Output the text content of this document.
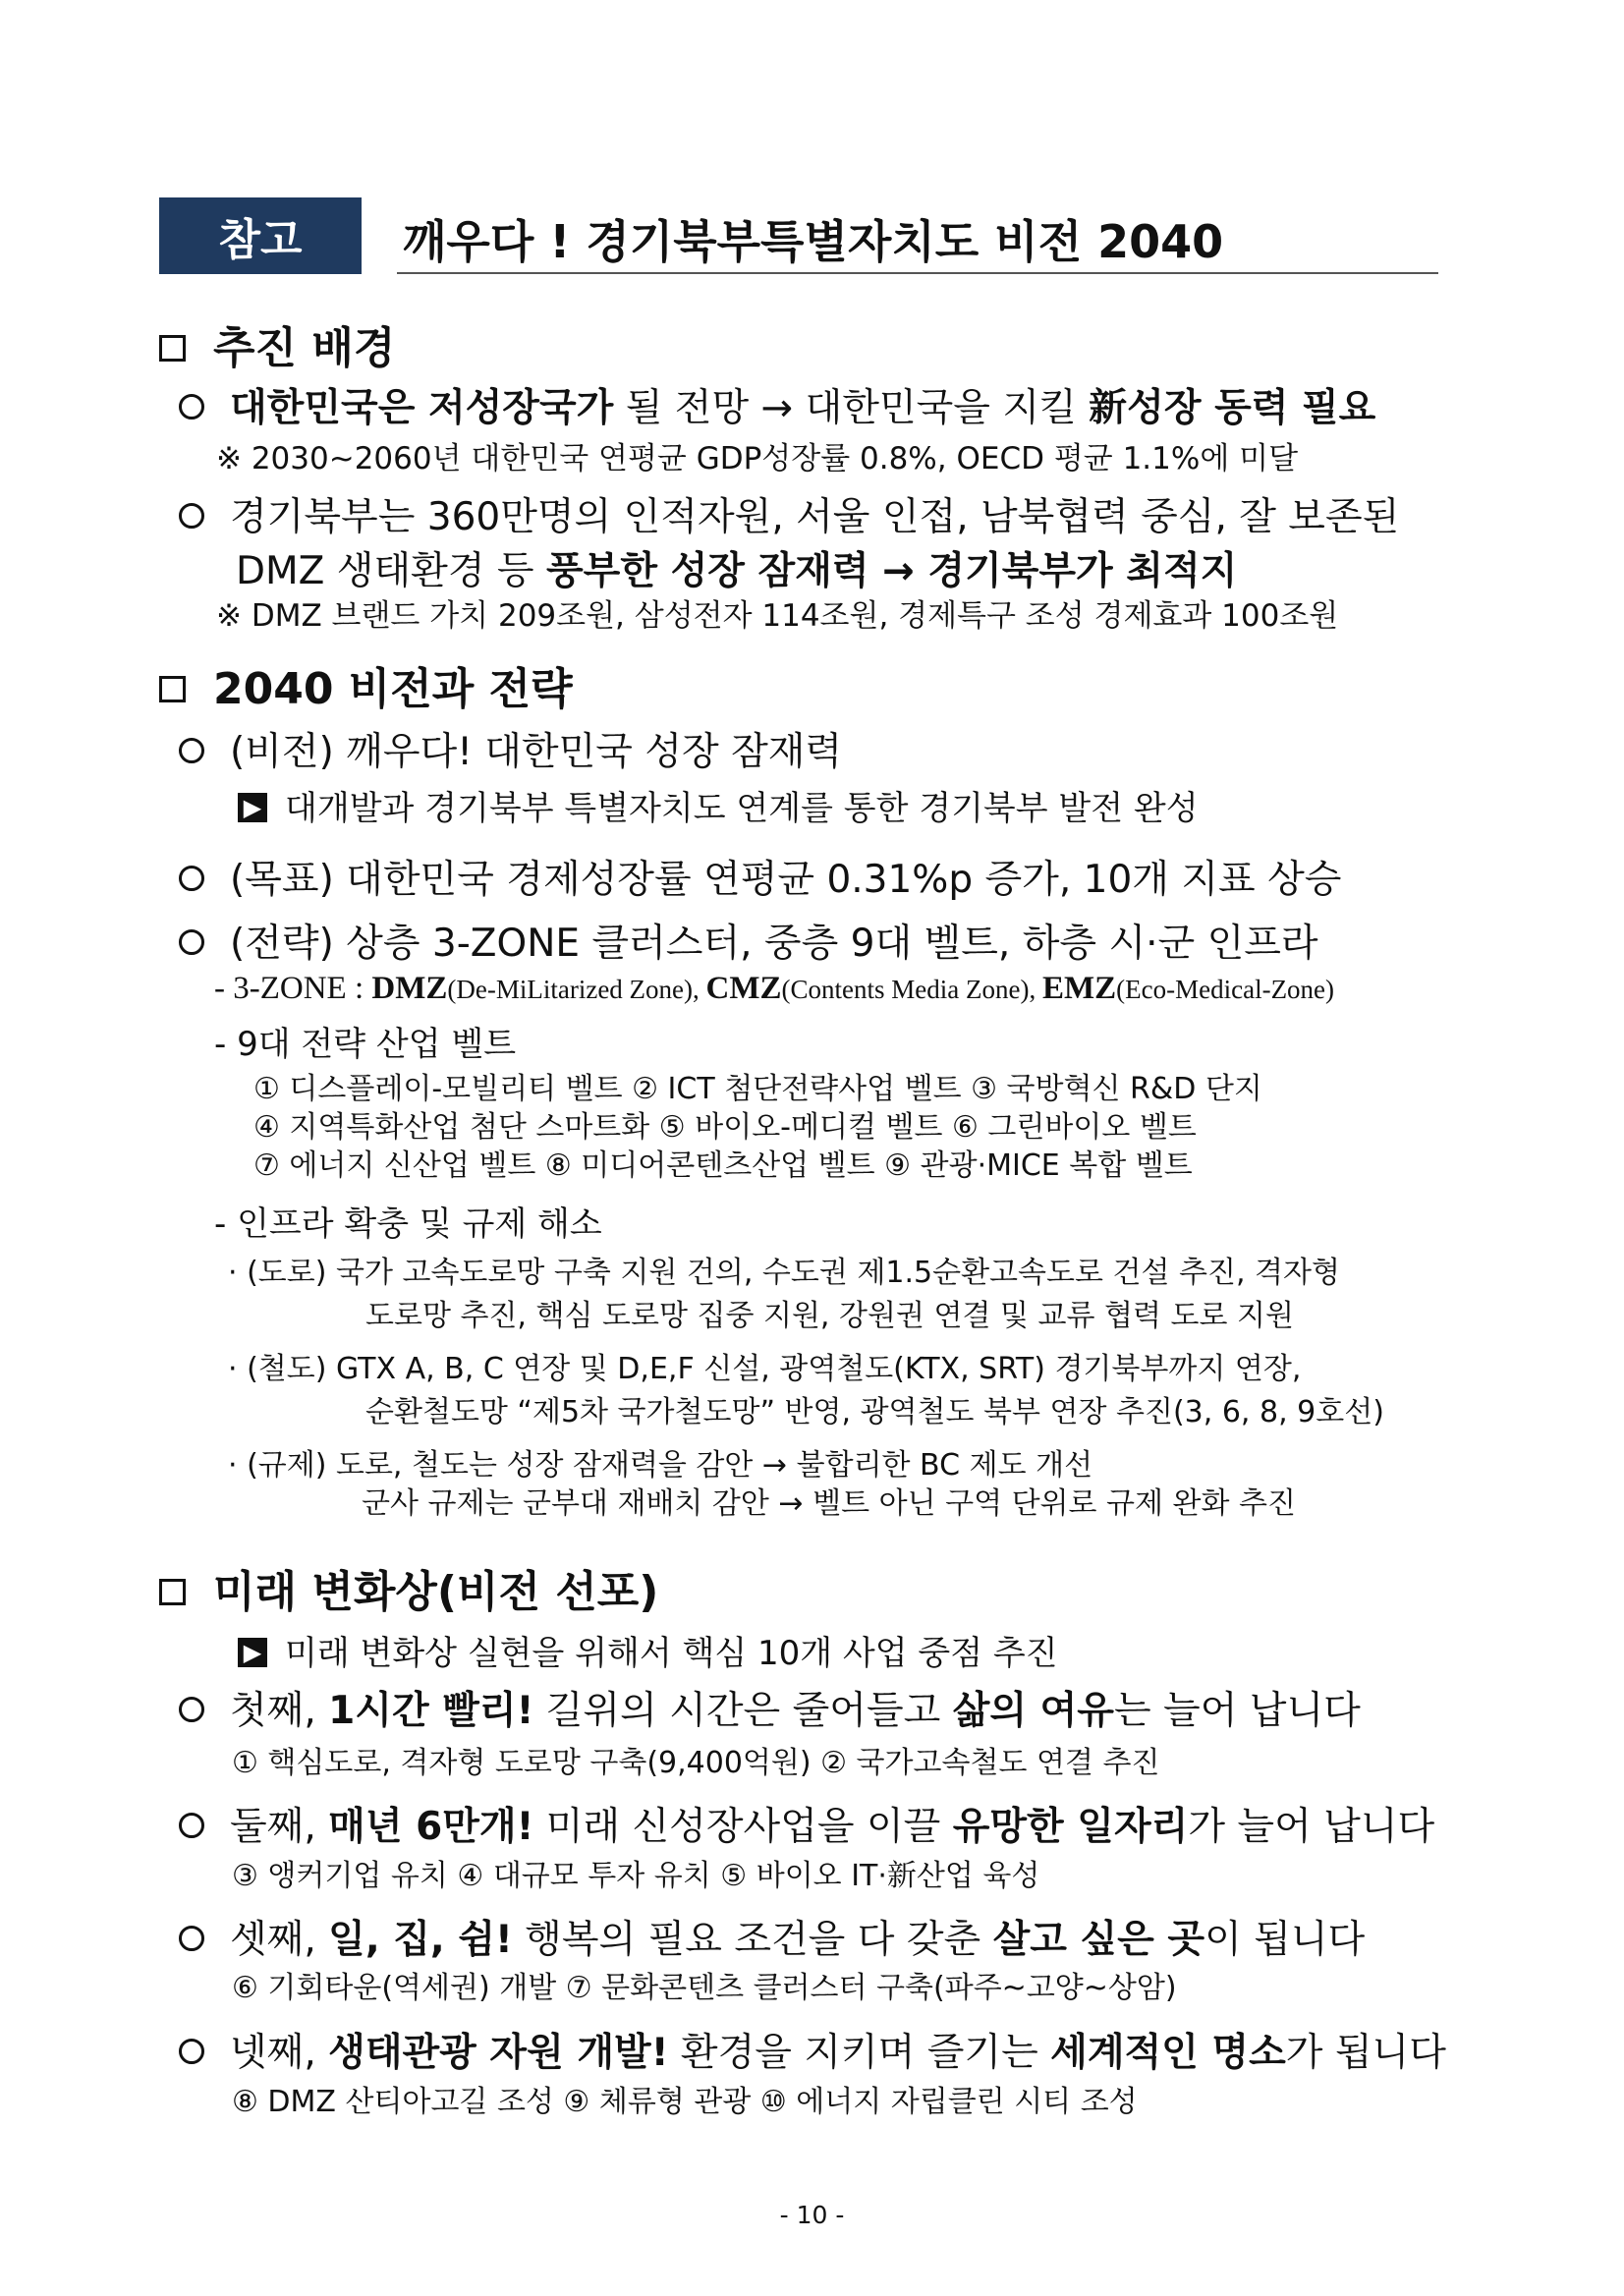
참고	깨우다 ! 경기북부특별자치도 비전 2040
추진 배경
대한민국은 저성장국가 될 전망 → 대한민국을 지킬 新성장 동력 필요
※ 2030~2060년 대한민국 연평균 GDP성장률 0.8%, OECD 평균 1.1%에 미달
경기북부는 360만명의 인적자원, 서울 인접, 남북협력 중심, 잘 보존된
DMZ 생태환경 등 풍부한 성장 잠재력 → 경기북부가 최적지
※ DMZ 브랜드 가치 209조원, 삼성전자 114조원, 경제특구 조성 경제효과 100조원
2040 비전과 전략
(비전) 깨우다! 대한민국 성장 잠재력
▶ 대개발과 경기북부 특별자치도 연계를 통한 경기북부 발전 완성
(목표) 대한민국 경제성장률 연평균 0.31%p 증가, 10개 지표 상승
(전략) 상층 3-ZONE 클러스터, 중층 9대 벨트, 하층 시·군 인프라
- 3-ZONE : DMZ(De-MiLitarized Zone), CMZ(Contents Media Zone), EMZ(Eco-Medical-Zone)
- 9대 전략 산업 벨트
① 디스플레이-모빌리티 벨트 ② ICT 첨단전략사업 벨트 ③ 국방혁신 R&D 단지
④ 지역특화산업 첨단 스마트화 ⑤ 바이오-메디컬 벨트 ⑥ 그린바이오 벨트
⑦ 에너지 신산업 벨트 ⑧ 미디어콘텐츠산업 벨트 ⑨ 관광·MICE 복합 벨트
- 인프라 확충 및 규제 해소
· (도로) 국가 고속도로망 구축 지원 건의, 수도권 제1.5순환고속도로 건설 추진, 격자형
도로망 추진, 핵심 도로망 집중 지원, 강원권 연결 및 교류 협력 도로 지원
· (철도) GTX A, B, C 연장 및 D,E,F 신설, 광역철도(KTX, SRT) 경기북부까지 연장,
순환철도망 “제5차 국가철도망” 반영, 광역철도 북부 연장 추진(3, 6, 8, 9호선)
· (규제) 도로, 철도는 성장 잠재력을 감안 → 불합리한 BC 제도 개선
군사 규제는 군부대 재배치 감안 → 벨트 아닌 구역 단위로 규제 완화 추진
미래 변화상(비전 선포)
▶ 미래 변화상 실현을 위해서 핵심 10개 사업 중점 추진
첫째, 1시간 빨리! 길위의 시간은 줄어들고 삶의 여유는 늘어 납니다
① 핵심도로, 격자형 도로망 구축(9,400억원) ② 국가고속철도 연결 추진
둘째, 매년 6만개! 미래 신성장사업을 이끌 유망한 일자리가 늘어 납니다
③ 앵커기업 유치 ④ 대규모 투자 유치 ⑤ 바이오 IT·新산업 육성
셋째, 일, 집, 쉼! 행복의 필요 조건을 다 갖춘 살고 싶은 곳이 됩니다
⑥ 기회타운(역세권) 개발 ⑦ 문화콘텐츠 클러스터 구축(파주~고양~상암)
넷째, 생태관광 자원 개발! 환경을 지키며 즐기는 세계적인 명소가 됩니다
⑧ DMZ 산티아고길 조성 ⑨ 체류형 관광 ⑩ 에너지 자립클린 시티 조성
- 10 -
